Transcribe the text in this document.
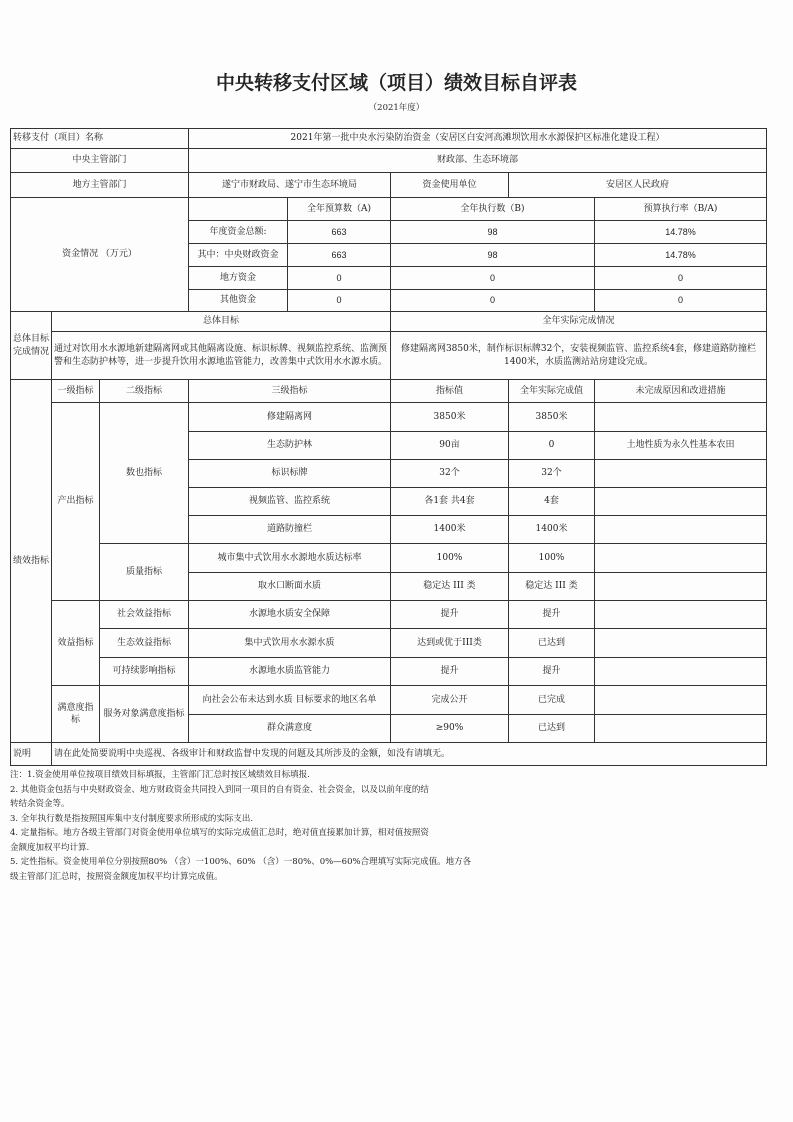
中央转移支付区域（项目）绩效目标自评表
（2021年度）
转移支付（项目）名称			2021年第一批中央水污染防治资金（安居区白安河高滩坝饮用水水源保护区标准化建设工程）				
中央主管部门			财政部、生态环境部				
地方主管部门			遂宁市财政局、遂宁市生态环境局		资金使用单位	安居区人民政府	
资金情况 （万元）				全年预算数（A)	全年执行数（B)		预算执行率（B/A)
			年度资金总额:	663	98		14.78%
			其中：中央财政资金	663	98		14.78%
			地方资金	0	0		0
			其他资金	0	0		0
总体目标完成情况	总体目标				全年实际完成情况		
	通过对饮用水水源地新建隔离网或其他隔离设施、标识标牌、视频监控系统、监测预警和生态防护林等，进一步提升饮用水源地监管能力，改善集中式饮用水水源水质。				修建隔离网3850米，制作标识标牌32个，安装视频监管、监控系统4套，修建道路防撞栏1400米，水质监测站站房建设完成。		
绩效指标	一级指标	二级指标	三级指标		指标值	全年实际完成值	未完成原因和改进措施
	产出指标	数也指标	修建隔离网		3850米	3850米	
			生态防护林		90亩	0	土地性质为永久性基本农田
			标识标牌		32个	32个	
			视频监管、监控系统		各1套 共4套	4套	
			道路防撞栏		1400米	1400米	
		质量指标	城市集中式饮用水水源地水质达标率		100%	100%	
			取水口断面水质		稳定达 III 类	稳定达 III 类	
	效益指标	社会效益指标	水源地水质安全保障		提升	提升	
		生态效益指标	集中式饮用水水源水质		达到或优于III类	已达到	
		可持续影响指标	水源地水质监管能力		提升	提升	
	满意度指标	服务对象满意度指标	向社会公布未达到水质 目标要求的地区名单		完成公开	已完成	
			群众满意度		≥90%	已达到	
说明	请在此处简要说明中央巡视、各级审计和财政监督中发现的问题及其所涉及的金额，如没有请填无。						
注：1.资金使用单位按项目绩效目标填报，主管部门汇总时按区域绩效目标填报.
2. 其他资金包括与中央财政资金、地方财政资金共同投入到同一项目的自有资金、社会资金，以及以前年度的结
转结余资金等。
3. 全年执行数是指按照国库集中支付制度要求所形成的实际支出.
4. 定量指标。地方各级主管部门对资金使用单位填写的实际完成值汇总时，绝对值直接累加计算，相对值按照资
金额度加权平均计算.
5. 定性指标。资金使用单位分别按照80% （含）一100%、60% （含）一80%、0%—60%合理填写实际完成值。地方各
级主管部门汇总时，按照资金额度加权平均计算完成值。
